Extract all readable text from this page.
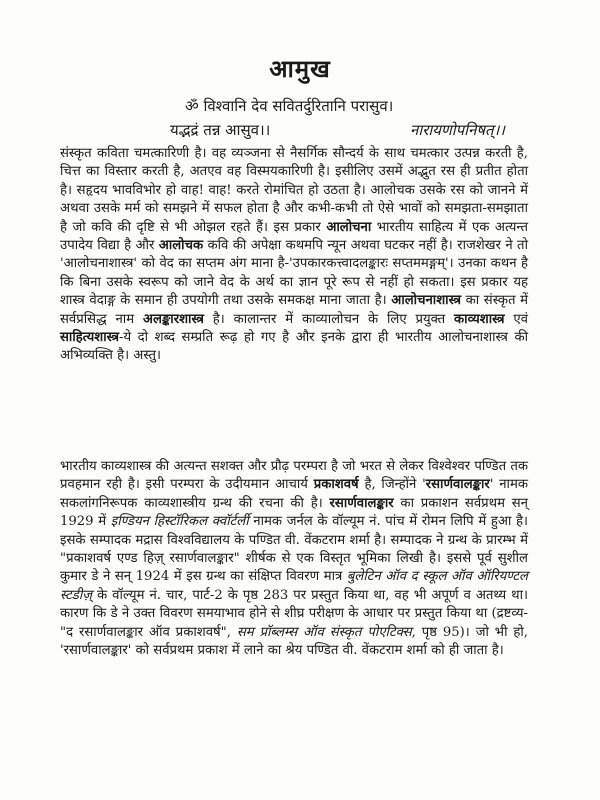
आमुख
ॐ विश्वानि देव सवितर्दुरितानि परासुव।
यद्भद्रं तन्न आसुव।।	नारायणोपनिषत्।।

संस्कृत कविता चमत्कारिणी है। वह व्यञ्जना से नैसर्गिक सौन्दर्य के साथ चमत्कार उत्पन्न करती है, चित्त का विस्तार करती है, अतएव वह विस्मयकारिणी है। इसीलिए उसमें अद्भुत रस ही प्रतीत होता है। सहृदय भावविभोर हो वाह! वाह! करते रोमांचित हो उठता है। आलोचक उसके रस को जानने में अथवा उसके मर्म को समझने में सफल होता है और कभी-कभी तो ऐसे भावों को समझता-समझाता है जो कवि की दृष्टि से भी ओझल रहते हैं। इस प्रकार आलोचना भारतीय साहित्य में एक अत्यन्त उपादेय विद्या है और आलोचक कवि की अपेक्षा कथमपि न्यून अथवा घटकर नहीं है। राजशेखर ने तो 'आलोचनाशास्त्र' को वेद का सप्तम अंग माना है-'उपकारकत्त्वादलङ्कारः सप्तममङ्गम्'। उनका कथन है कि बिना उसके स्वरूप को जाने वेद के अर्थ का ज्ञान पूरे रूप से नहीं हो सकता। इस प्रकार यह शास्त्र वेदाङ्ग के समान ही उपयोगी तथा उसके समकक्ष माना जाता है। आलोचनाशास्त्र का संस्कृत में सर्वप्रसिद्ध नाम अलङ्कारशास्त्र है। कालान्तर में काव्यालोचन के लिए प्रयुक्त काव्यशास्त्र एवं साहित्यशास्त्र-ये दो शब्द सम्प्रति रूढ़ हो गए है और इनके द्वारा ही भारतीय आलोचनाशास्त्र की अभिव्यक्ति है। अस्तु।

भारतीय काव्यशास्त्र की अत्यन्त सशक्त और प्रौढ़ परम्परा है जो भरत से लेकर विश्वेश्वर पण्डित तक प्रवहमान रही है। इसी परम्परा के उदीयमान आचार्य प्रकाशवर्ष है, जिन्होंने 'रसार्णवालङ्कार' नामक सकलांगनिरूपक काव्यशास्त्रीय ग्रन्थ की रचना की है। रसार्णवालङ्कार का प्रकाशन सर्वप्रथम सन् 1929 में इण्डियन हिस्टॉरिकल क्वॉर्टर्ली नामक जर्नल के वॉल्यूम नं. पांच में रोमन लिपि में हुआ है। इसके सम्पादक मद्रास विश्वविद्यालय के पण्डित वी. वेंकटराम शर्मा है। सम्पादक ने ग्रन्थ के प्रारम्भ में "प्रकाशवर्ष एण्ड हिज़् रसार्णवालङ्कार" शीर्षक से एक विस्तृत भूमिका लिखी है। इससे पूर्व सुशील कुमार डे ने सन् 1924 में इस ग्रन्थ का संक्षिप्त विवरण मात्र बुलेटिन ऑव द स्कूल ऑव ऑरियण्टल स्टडीज़् के वॉल्यूम नं. चार, पार्ट-2 के पृष्ठ 283 पर प्रस्तुत किया था, वह भी अपूर्ण व अतथ्य था। कारण कि डे ने उक्त विवरण समयाभाव होने से शीघ्र परीक्षण के आधार पर प्रस्तुत किया था (द्रष्टव्य-"द रसार्णवालङ्कार ऑव प्रकाशवर्ष", सम प्रॉब्लम्स ऑव संस्कृत पोएटिक्स, पृष्ठ 95)। जो भी हो, 'रसार्णवालङ्कार' को सर्वप्रथम प्रकाश में लाने का श्रेय पण्डित वी. वेंकटराम शर्मा को ही जाता है।
